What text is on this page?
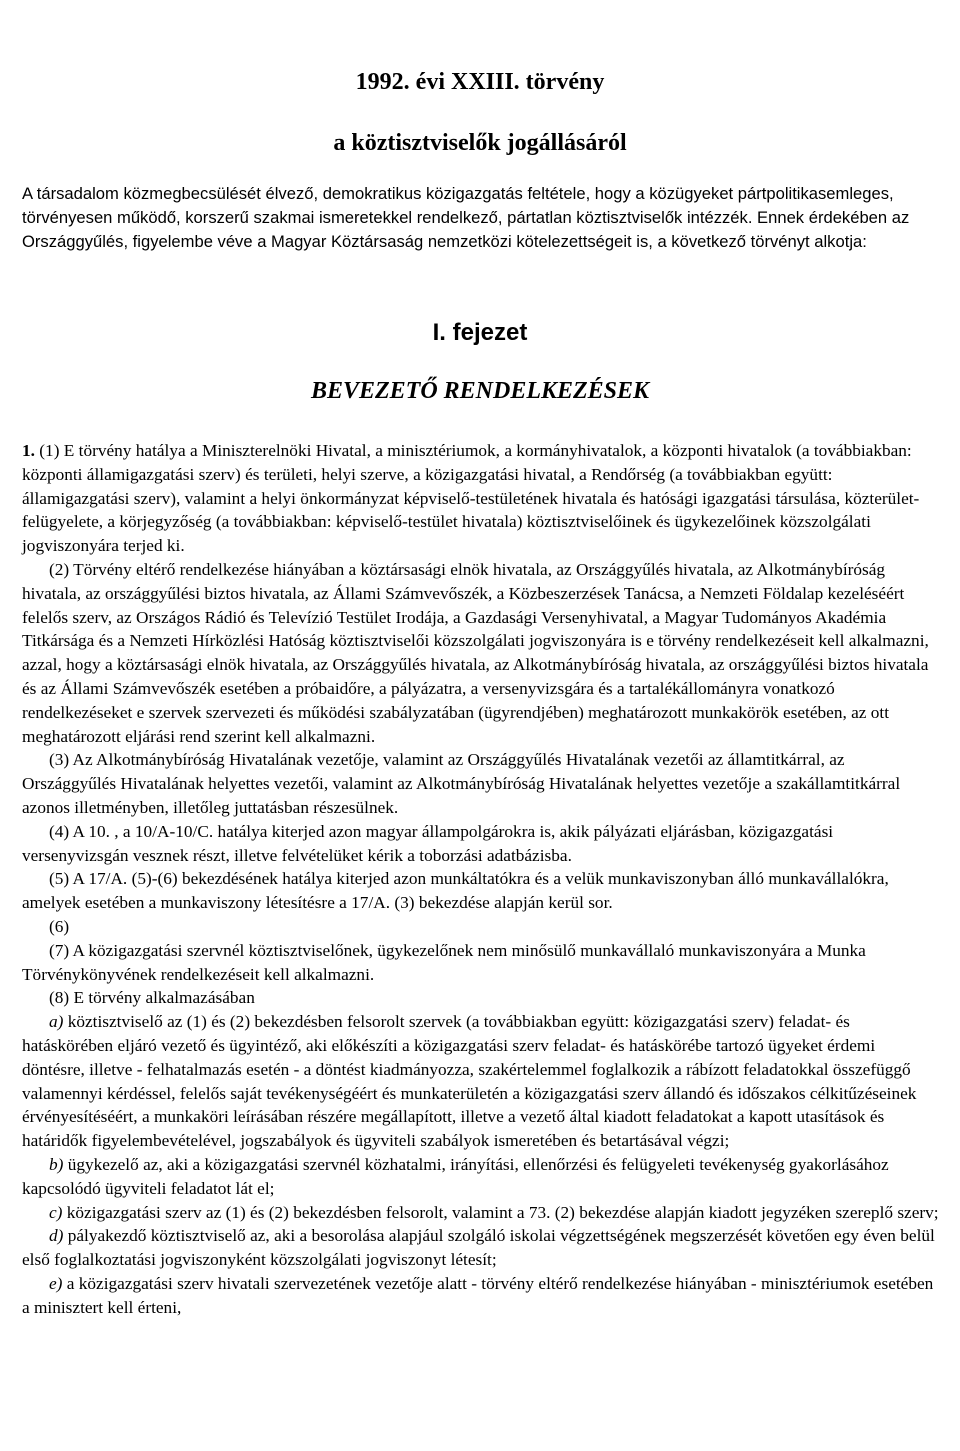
1992. évi XXIII. törvény
a köztisztviselők jogállásáról

A társadalom közmegbecsülését élvező, demokratikus közigazgatás feltétele, hogy a közügyeket pártpolitikasemleges, törvényesen működő, korszerű szakmai ismeretekkel rendelkező, pártatlan köztisztviselők intézzék. Ennek érdekében az Országgyűlés, figyelembe véve a Magyar Köztársaság nemzetközi kötelezettségeit is, a következő törvényt alkotja:

I. fejezet
BEVEZETŐ RENDELKEZÉSEK

1. (1) E törvény hatálya a Miniszterelnöki Hivatal, a minisztériumok, a kormányhivatalok, a központi hivatalok (a továbbiakban: központi államigazgatási szerv) és területi, helyi szerve, a közigazgatási hivatal, a Rendőrség (a továbbiakban együtt: államigazgatási szerv), valamint a helyi önkormányzat képviselő-testületének hivatala és hatósági igazgatási társulása, közterület-felügyelete, a körjegyzőség (a továbbiakban: képviselő-testület hivatala) köztisztviselőinek és ügykezelőinek közszolgálati jogviszonyára terjed ki.

(2) Törvény eltérő rendelkezése hiányában a köztársasági elnök hivatala, az Országgyűlés hivatala, az Alkotmánybíróság hivatala, az országgyűlési biztos hivatala, az Állami Számvevőszék, a Közbeszerzések Tanácsa, a Nemzeti Földalap kezeléséért felelős szerv, az Országos Rádió és Televízió Testület Irodája, a Gazdasági Versenyhivatal, a Magyar Tudományos Akadémia Titkársága és a Nemzeti Hírközlési Hatóság köztisztviselői közszolgálati jogviszonyára is e törvény rendelkezéseit kell alkalmazni, azzal, hogy a köztársasági elnök hivatala, az Országgyűlés hivatala, az Alkotmánybíróság hivatala, az országgyűlési biztos hivatala és az Állami Számvevőszék esetében a próbaidőre, a pályázatra, a versenyvizsgára és a tartalékállományra vonatkozó rendelkezéseket e szervek szervezeti és működési szabályzatában (ügyrendjében) meghatározott munkakörök esetében, az ott meghatározott eljárási rend szerint kell alkalmazni.

(3) Az Alkotmánybíróság Hivatalának vezetője, valamint az Országgyűlés Hivatalának vezetői az államtitkárral, az Országgyűlés Hivatalának helyettes vezetői, valamint az Alkotmánybíróság Hivatalának helyettes vezetője a szakállamtitkárral azonos illetményben, illetőleg juttatásban részesülnek.

(4) A 10. , a 10/A-10/C. hatálya kiterjed azon magyar állampolgárokra is, akik pályázati eljárásban, közigazgatási versenyvizsgán vesznek részt, illetve felvételüket kérik a toborzási adatbázisba.

(5) A 17/A. (5)-(6) bekezdésének hatálya kiterjed azon munkáltatókra és a velük munkaviszonyban álló munkavállalókra, amelyek esetében a munkaviszony létesítésre a 17/A. (3) bekezdése alapján kerül sor.

(6)

(7) A közigazgatási szervnél köztisztviselőnek, ügykezelőnek nem minősülő munkavállaló munkaviszonyára a Munka Törvénykönyvének rendelkezéseit kell alkalmazni.

(8) E törvény alkalmazásában

a) köztisztviselő az (1) és (2) bekezdésben felsorolt szervek (a továbbiakban együtt: közigazgatási szerv) feladat- és hatáskörében eljáró vezető és ügyintéző, aki előkészíti a közigazgatási szerv feladat- és hatáskörébe tartozó ügyeket érdemi döntésre, illetve - felhatalmazás esetén - a döntést kiadmányozza, szakértelemmel foglalkozik a rábízott feladatokkal összefüggő valamennyi kérdéssel, felelős saját tevékenységéért és munkaterületén a közigazgatási szerv állandó és időszakos célkitűzéseinek érvényesítéséért, a munkaköri leírásában részére megállapított, illetve a vezető által kiadott feladatokat a kapott utasítások és határidők figyelembevételével, jogszabályok és ügyviteli szabályok ismeretében és betartásával végzi;

b) ügykezelő az, aki a közigazgatási szervnél közhatalmi, irányítási, ellenőrzési és felügyeleti tevékenység gyakorlásához kapcsolódó ügyviteli feladatot lát el;

c) közigazgatási szerv az (1) és (2) bekezdésben felsorolt, valamint a 73. (2) bekezdése alapján kiadott jegyzéken szereplő szerv;

d) pályakezdő köztisztviselő az, aki a besorolása alapjául szolgáló iskolai végzettségének megszerzését követően egy éven belül első foglalkoztatási jogviszonyként közszolgálati jogviszonyt létesít;

e) a közigazgatási szerv hivatali szervezetének vezetője alatt - törvény eltérő rendelkezése hiányában - minisztériumok esetében a minisztert kell érteni,
